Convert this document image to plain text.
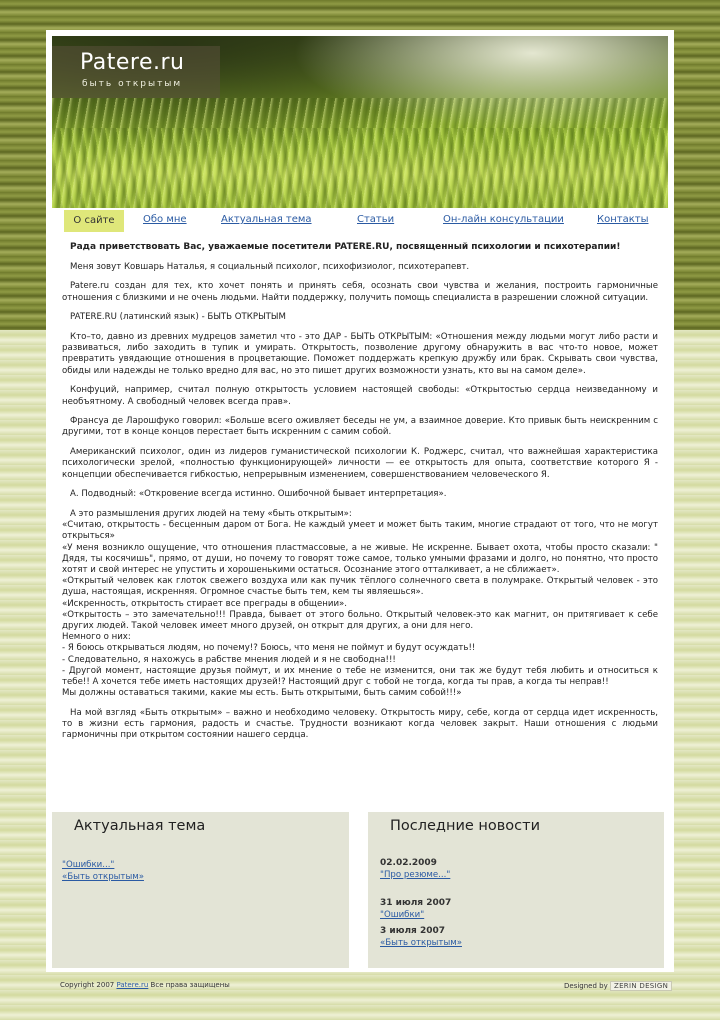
Patere.ru
быть открытым
О сайте	Обо мне	Актуальная тема	Статьи	Он-лайн консультации	Контакты

Рада приветствовать Вас, уважаемые посетители PATERE.RU, посвященный психологии и психотерапии!

Меня зовут Ковшарь Наталья, я социальный психолог, психофизиолог, психотерапевт.

Patere.ru создан для тех, кто хочет понять и принять себя, осознать свои чувства и желания, построить гармоничные отношения с близкими и не очень людьми. Найти поддержку, получить помощь специалиста в разрешении сложной ситуации.

PATERE.RU (латинский язык) - БЫТЬ ОТКРЫТЫМ

Кто–то, давно из древних мудрецов заметил что - это ДАР - БЫТЬ ОТКРЫТЫМ: «Отношения между людьми могут либо расти и развиваться, либо заходить в тупик и умирать. Открытость, позволение другому обнаружить в вас что-то новое, может превратить увядающие отношения в процветающие. Поможет поддержать крепкую дружбу или брак. Скрывать свои чувства, обиды или надежды не только вредно для вас, но это пишет других возможности узнать, кто вы на самом деле».

Конфуций, например, считал полную открытость условием настоящей свободы: «Открытостью сердца неизведанному и необъятному. А свободный человек всегда прав».

Франсуа де Ларошфуко говорил: «Больше всего оживляет беседы не ум, а взаимное доверие. Кто привык быть неискренним с другими, тот в конце концов перестает быть искренним с самим собой.

Американский психолог, один из лидеров гуманистической психологии К. Роджерс, считал, что важнейшая характеристика психологически зрелой, «полностью функционирующей» личности — ее открытость для опыта, соответствие которого Я - концепции обеспечивается гибкостью, непрерывным изменением, совершенствованием человеческого Я.

А. Подводный: «Откровение всегда истинно. Ошибочной бывает интерпретация».

А это размышления других людей на тему «быть открытым»:
«Считаю, открытость - бесценным даром от Бога. Не каждый умеет и может быть таким, многие страдают от того, что не могут открыться»
«У меня возникло ощущение, что отношения пластмассовые, а не живые. Не искренне. Бывает охота, чтобы просто сказали: " Дядя, ты косячишь", прямо, от души, но почему то говорят тоже самое, только умными фразами и долго, но понятно, что просто хотят и свой интерес не упустить и хорошенькими остаться. Осознание этого отталкивает, а не сближает».
«Открытый человек как глоток свежего воздуха или как пучик тёплого солнечного света в полумраке. Открытый человек - это душа, настоящая, искренняя. Огромное счастье быть тем, кем ты являешься».
«Искренность, открытость стирает все преграды в общении».
«Открытость – это замечательно!!! Правда, бывает от этого больно. Открытый человек-это как магнит, он притягивает к себе других людей. Такой человек имеет много друзей, он открыт для других, а они для него.
Немного о них:
- Я боюсь открываться людям, но почему!? Боюсь, что меня не поймут и будут осуждать!!
- Следовательно, я нахожусь в рабстве мнения людей и я не свободна!!!
- Другой момент, настоящие друзья поймут, и их мнение о тебе не изменится, они так же будут тебя любить и относиться к тебе!! А хочется тебе иметь настоящих друзей!? Настоящий друг с тобой не тогда, когда ты прав, а когда ты неправ!!
Мы должны оставаться такими, какие мы есть. Быть открытыми, быть самим собой!!!»

На мой взгляд «Быть открытым» – важно и необходимо человеку. Открытость миру, себе, когда от сердца идет искренность, то в жизни есть гармония, радость и счастье. Трудности возникают когда человек закрыт. Наши отношения с людьми гармоничны при открытом состоянии нашего сердца.

Актуальная тема
"Ошибки..."
«Быть открытым»
Последние новости
02.02.2009
"Про резюме..."
31 июля 2007
"Ошибки"
3 июля 2007
«Быть открытым»
Copyright 2007 Patere.ru Все права защищены	Designed by ZERIN DESIGN
